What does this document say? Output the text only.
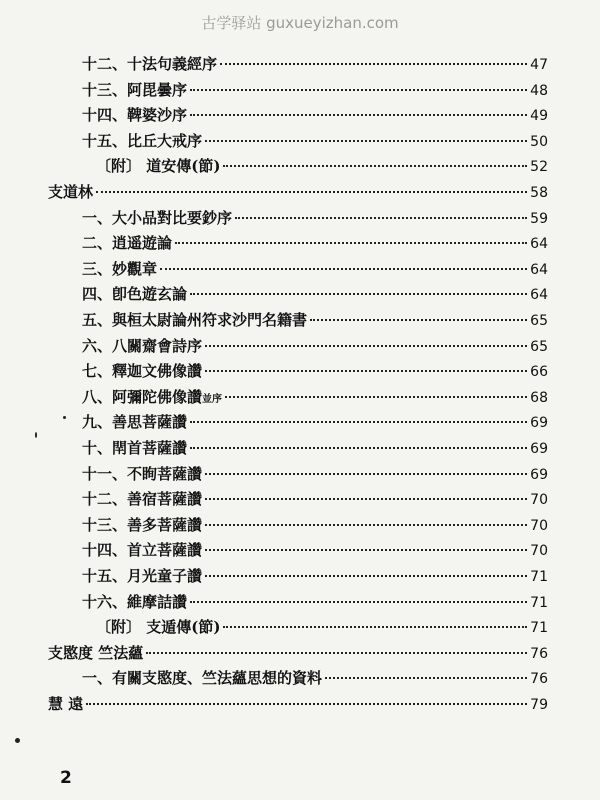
古学驿站 guxueyizhan.com
十二、十法句義經序	47
十三、阿毘曇序	48
十四、鞞婆沙序	49
十五、比丘大戒序	50
〔附〕 道安傳(節)	52
支道林	58
一、大小品對比要鈔序	59
二、逍遥遊論	64
三、妙觀章	64
四、卽色遊玄論	64
五、與桓太尉論州符求沙門名籍書	65
六、八關齋會詩序	65
七、釋迦文佛像讚	66
八、阿彌陀佛像讚 並序	68
九、善思菩薩讚	69
十、閈首菩薩讚	69
十一、不眴菩薩讚	69
十二、善宿菩薩讚	70
十三、善多菩薩讚	70
十四、首立菩薩讚	70
十五、月光童子讚	71
十六、維摩詰讚	71
〔附〕 支遁傳(節)	71
支愍度 竺法蘊	76
一、有關支愍度、竺法蘊思想的資料	76
慧 遠	79
2
